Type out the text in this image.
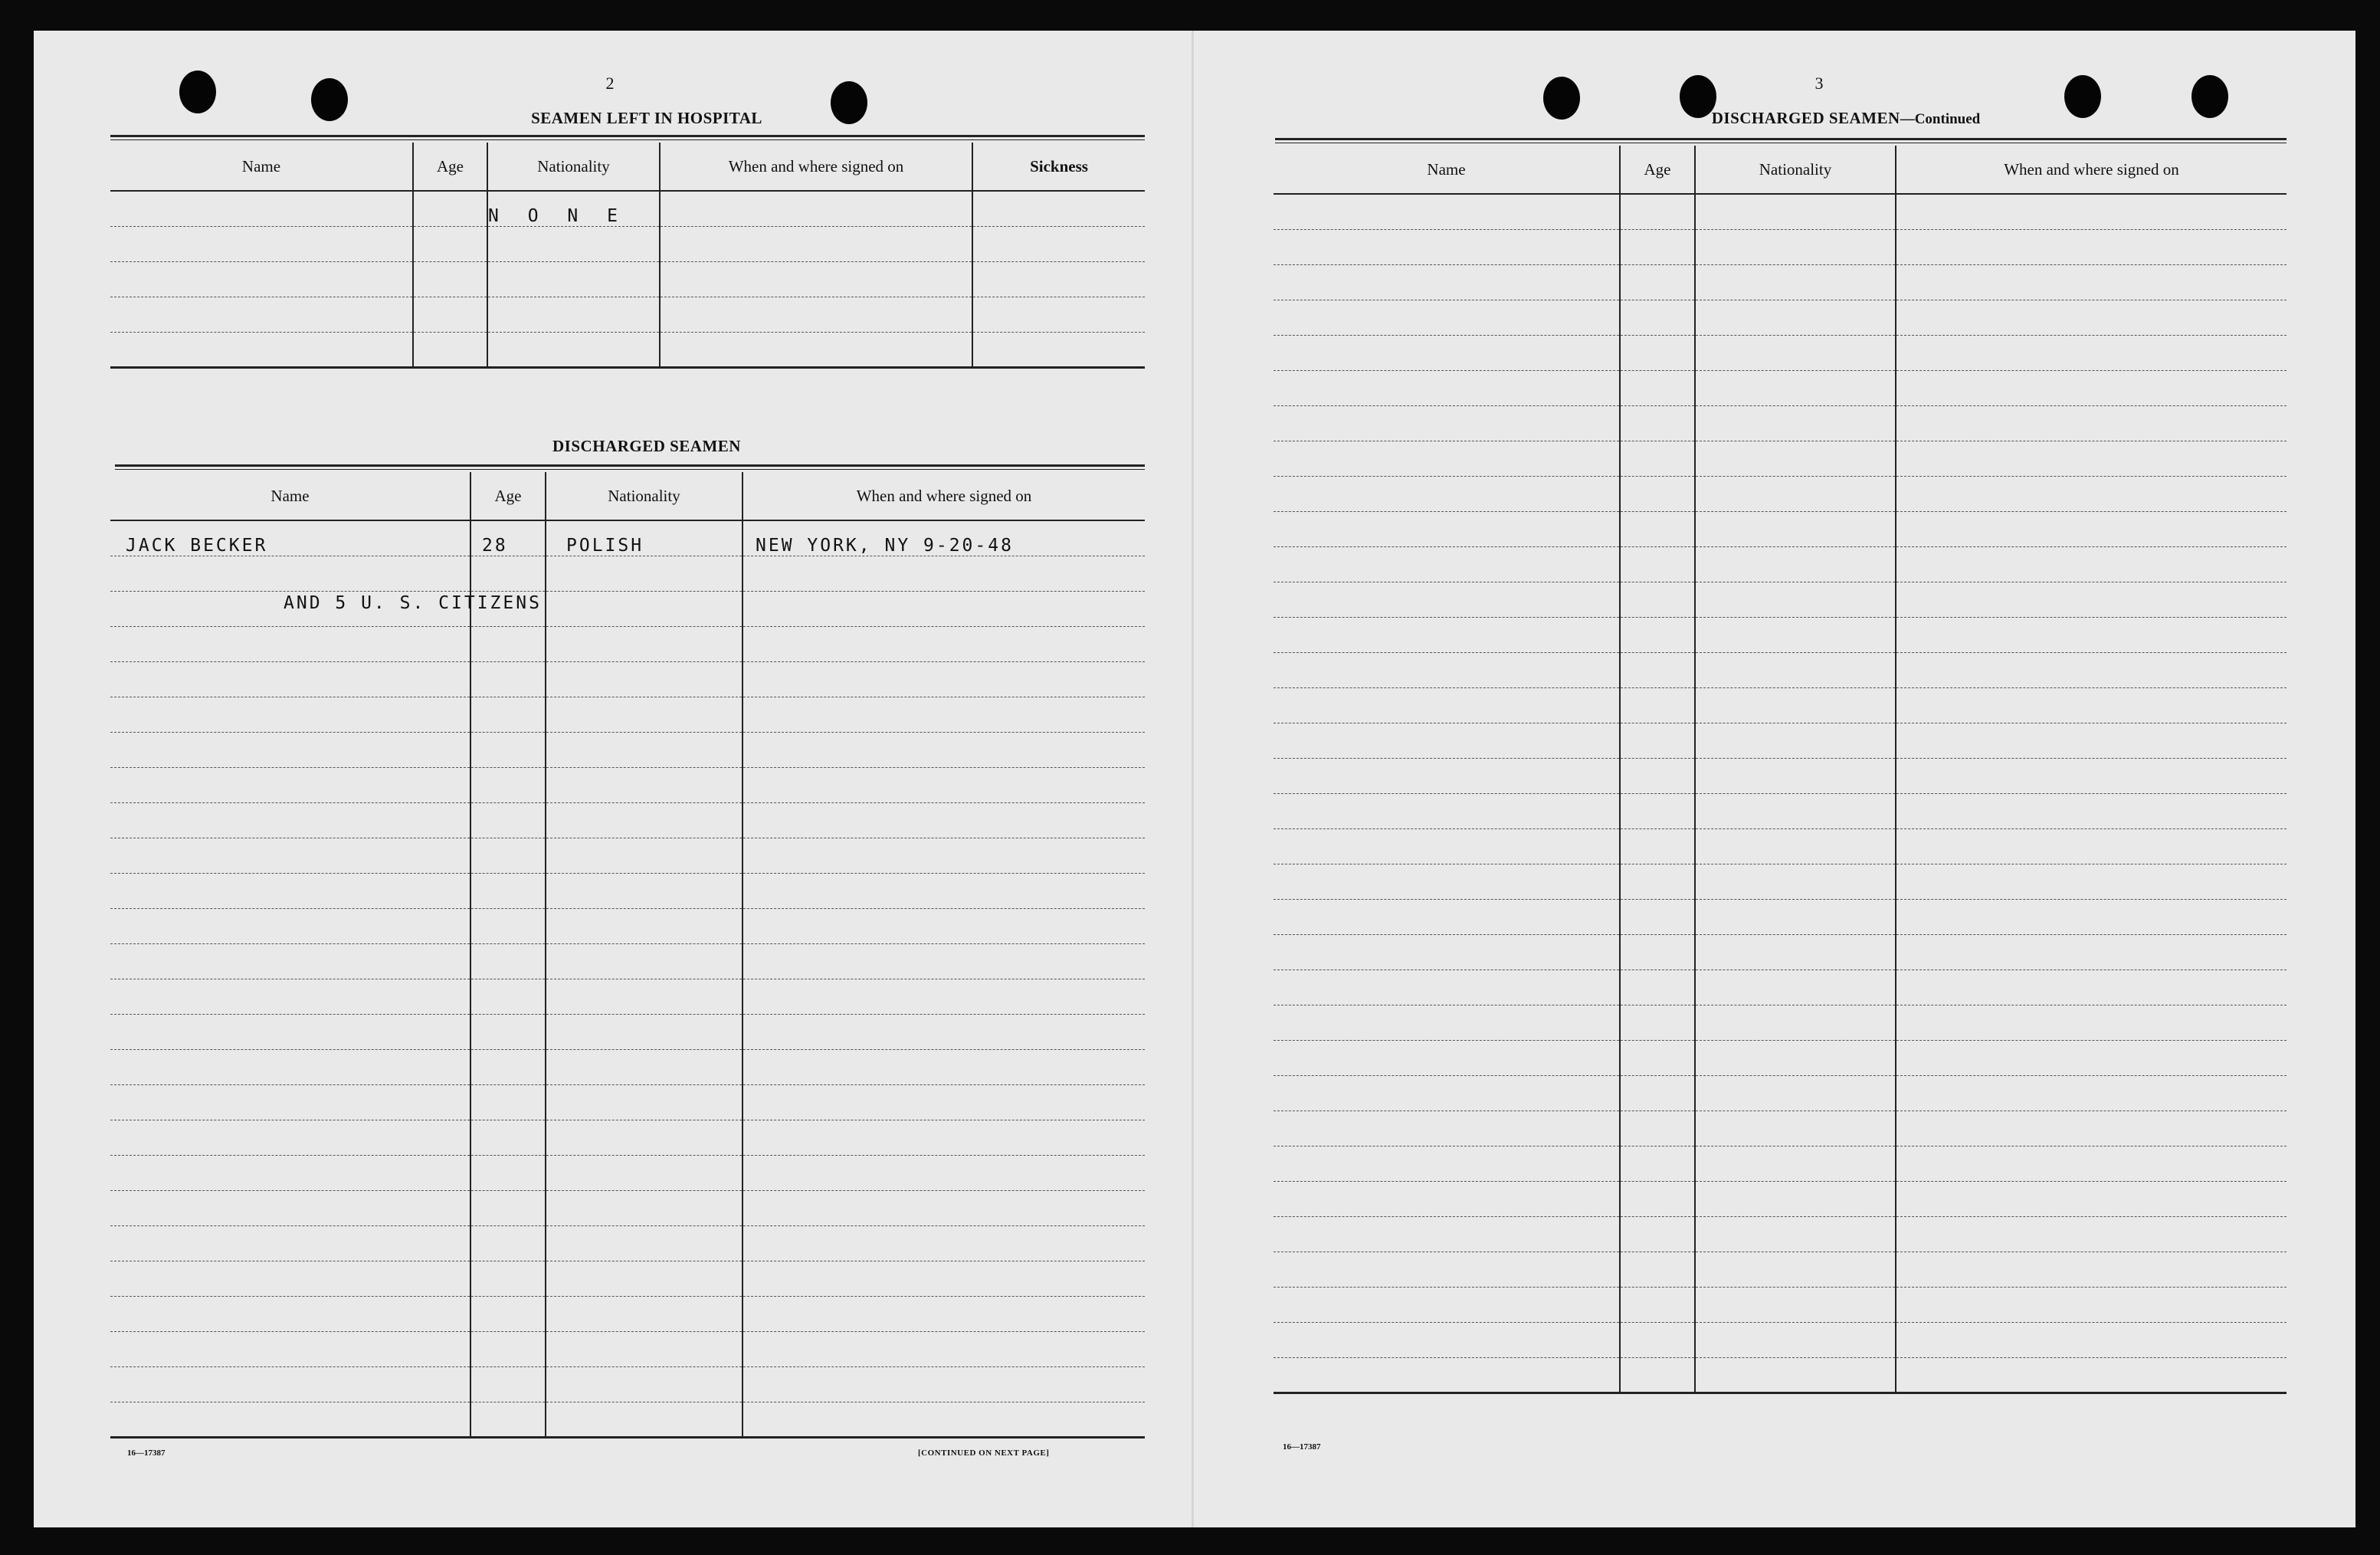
2
SEAMEN LEFT IN HOSPITAL
Name	Age	Nationality	When and where signed on	Sickness
		N O N E		

DISCHARGED SEAMEN
Name	Age	Nationality	When and where signed on
JACK BECKER	28	POLISH	NEW YORK, NY 9-20-48

AND 5 U. S. CITIZENS
16—17387	[CONTINUED ON NEXT PAGE]
3
DISCHARGED SEAMEN—Continued
Name	Age	Nationality	When and where signed on

16—17387
